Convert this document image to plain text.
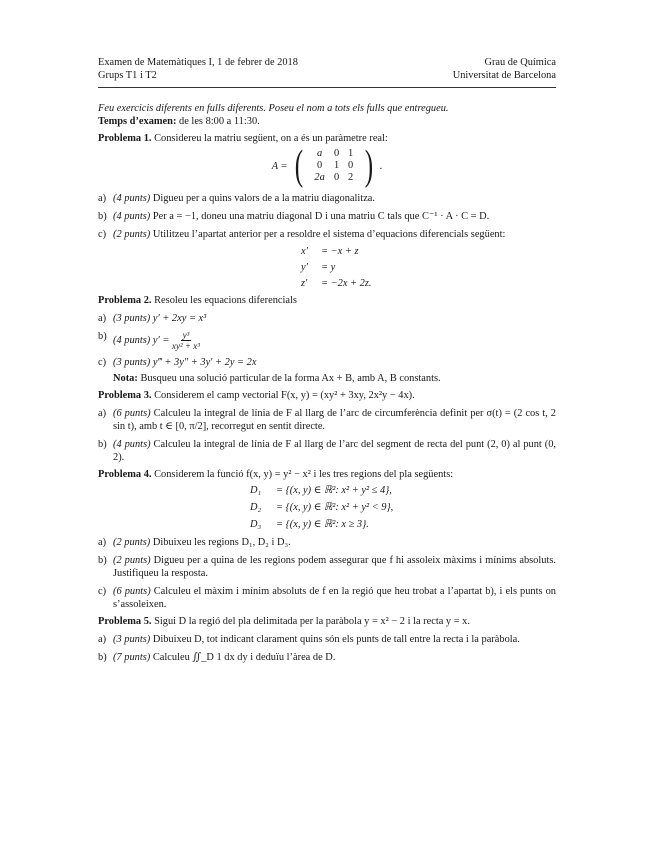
Examen de Matemàtiques I, 1 de febrer de 2018

Grups T1 i T2

Grau de Química

Universitat de Barcelona

Feu exercicis diferents en fulls diferents. Poseu el nom a tots els fulls que entregueu.

Temps d’examen: de les 8:00 a 11:30.

Problema 1. Considereu la matriu següent, on a és un paràmetre real:

A = (	a	0 1
0	1 0
2a 0 2 ) .
a) (4 punts) Digueu per a quins valors de a la matriu diagonalitza.
b) (4 punts) Per a = −1, doneu una matriu diagonal D i una matriu C tals que C⁻¹ · A · C = D.
c) (2 punts) Utilitzeu l’apartat anterior per a resoldre el sistema d’equacions diferencials següent:
x′	= −x + z
y′	= y
z′	= −2x + 2z.

Problema 2. Resoleu les equacions diferencials

a) (3 punts) y′ + 2xy = x³
b) (4 punts) $y' = \frac{\text{y³}}{\text{xy² + x³}}$
c) (3 punts) y‴ + 3y″ + 3y′ + 2y = 2x

Nota: Busqueu una solució particular de la forma Ax + B, amb A, B constants.

Problema 3. Considerem el camp vectorial F(x, y) = (xy² + 3xy, 2x²y − 4x).

a) (6 punts) Calculeu la integral de línia de F al llarg de l’arc de circumferència definit per σ(t) = (2 cos t, 2 sin t), amb t ∈ [0, π/2], recorregut en sentit directe.
b) (4 punts) Calculeu la integral de línia de F al llarg de l’arc del segment de recta del punt (2, 0) al punt (0, 2).

Problema 4. Considerem la funció f(x, y) = y² − x² i les tres regions del pla següents:

D₁	= {(x, y) ∈ ℝ²: x² + y² ≤ 4},
D₂	= {(x, y) ∈ ℝ²: x² + y² < 9},
D₃	= {(x, y) ∈ ℝ²: x ≥ 3}.
a) (2 punts) Dibuixeu les regions D₁, D₂ i D₃.
b) (2 punts) Digueu per a quina de les regions podem assegurar que f hi assoleix màxims i mínims absoluts. Justifiqueu la resposta.
c) (6 punts) Calculeu el màxim i mínim absoluts de f en la regió que heu trobat a l’apartat b), i els punts on s’assoleixen.

Problema 5. Sigui D la regió del pla delimitada per la paràbola y = x² − 2 i la recta y = x.

a) (3 punts) Dibuixeu D, tot indicant clarament quins són els punts de tall entre la recta i la paràbola.
b) (7 punts) Calculeu ∬_D 1 dx dy i deduïu l’àrea de D.
